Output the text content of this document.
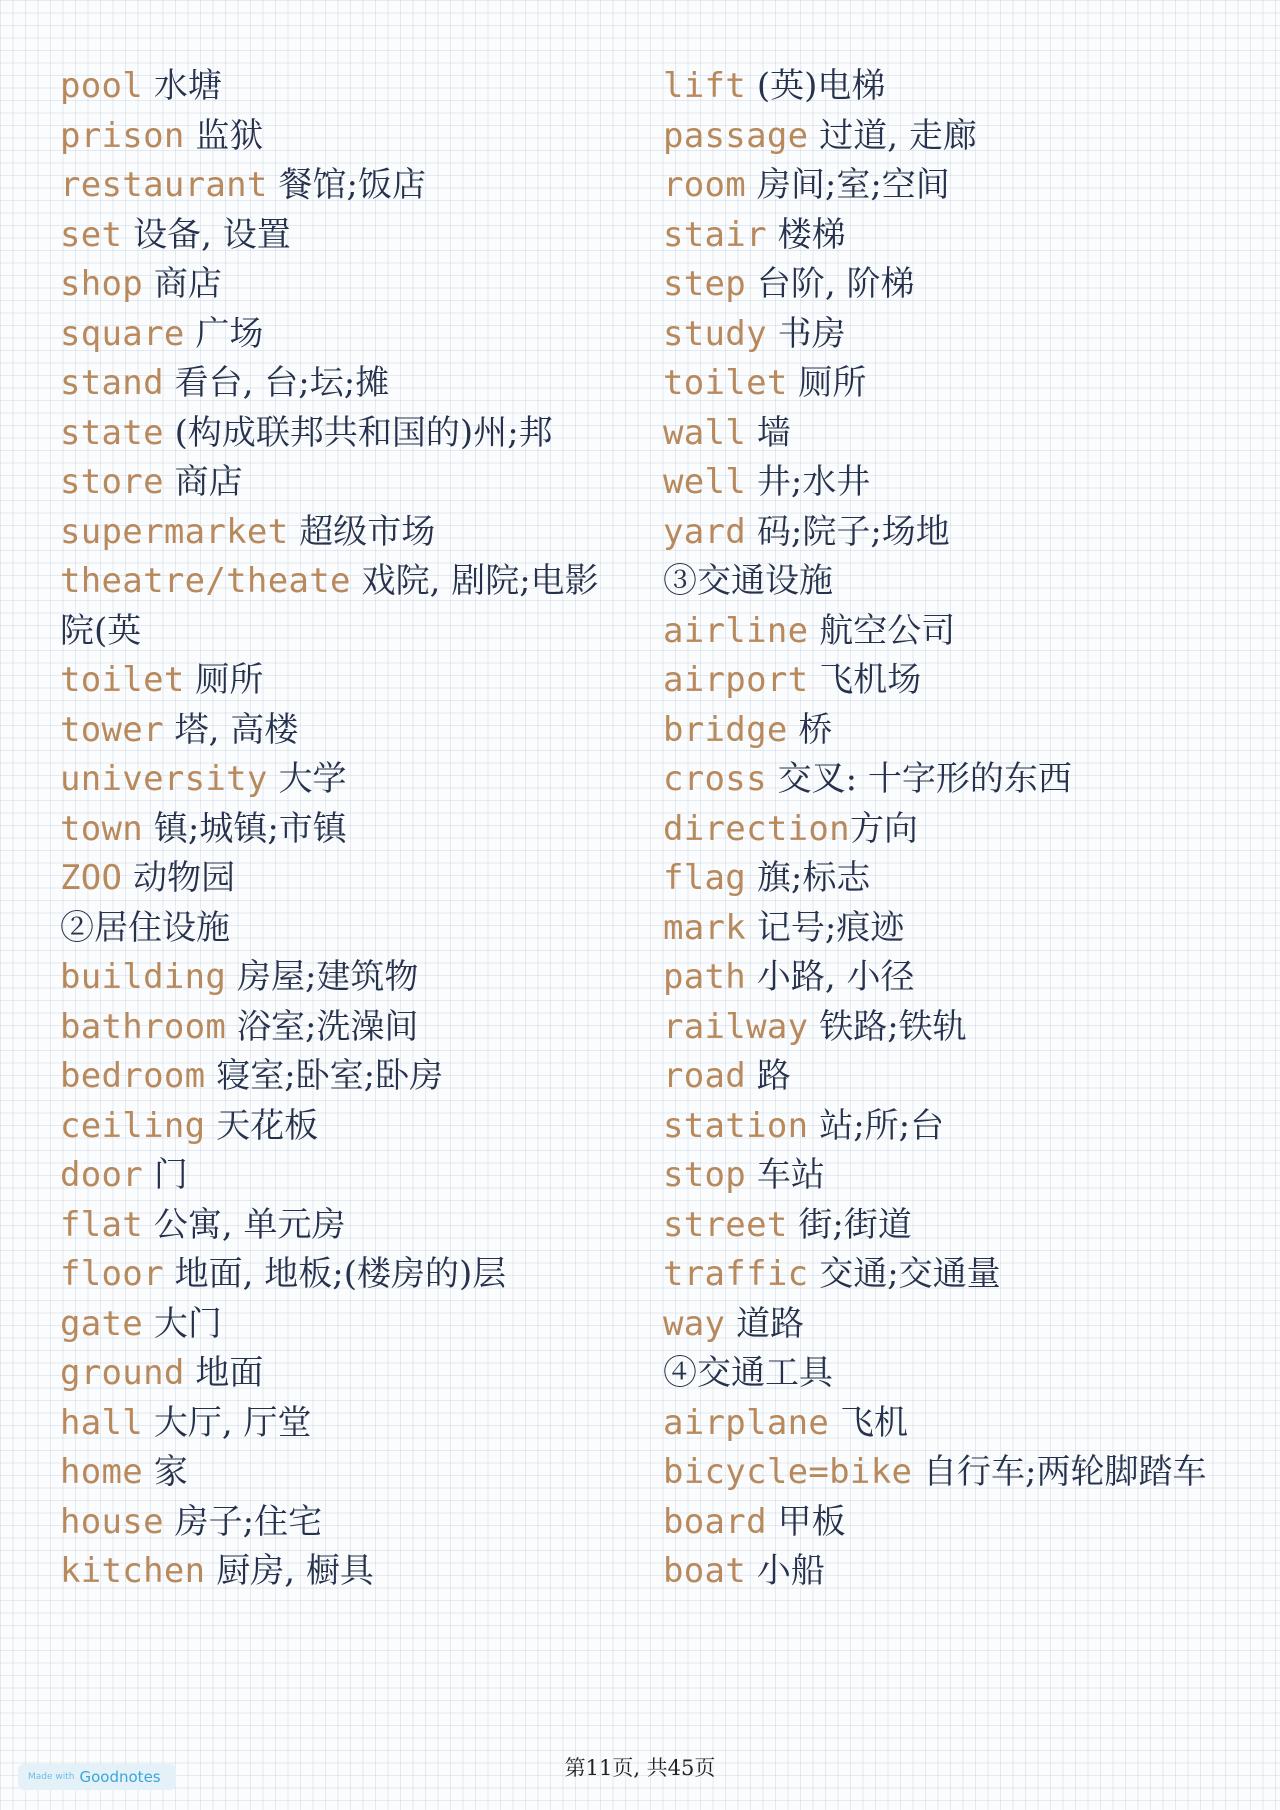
pool 水塘

prison 监狱

restaurant 餐馆;饭店

set 设备, 设置

shop 商店

square 广场

stand 看台, 台;坛;摊

state (构成联邦共和国的)州;邦

store 商店

supermarket 超级市场

theatre/theate 戏院, 剧院;电影院(英

toilet 厕所

tower 塔, 高楼

university 大学

town 镇;城镇;市镇

ZOO 动物园

②居住设施

building 房屋;建筑物

bathroom 浴室;洗澡间

bedroom 寝室;卧室;卧房

ceiling 天花板

door 门

flat 公寓, 单元房

floor 地面, 地板;(楼房的)层

gate 大门

ground 地面

hall 大厅, 厅堂

home 家

house 房子;住宅

kitchen 厨房, 橱具

lift (英)电梯

passage 过道, 走廊

room 房间;室;空间

stair 楼梯

step 台阶, 阶梯

study 书房

toilet 厕所

wall 墙

well 井;水井

yard 码;院子;场地

③交通设施

airline 航空公司

airport 飞机场

bridge 桥

cross 交叉: 十字形的东西

direction方向

flag 旗;标志

mark 记号;痕迹

path 小路, 小径

railway 铁路;铁轨

road 路

station 站;所;台

stop 车站

street 街;街道

traffic 交通;交通量

way 道路

④交通工具

airplane 飞机

bicycle=bike 自行车;两轮脚踏车

board 甲板

boat 小船

Made with Goodnotes	第11页, 共45页
